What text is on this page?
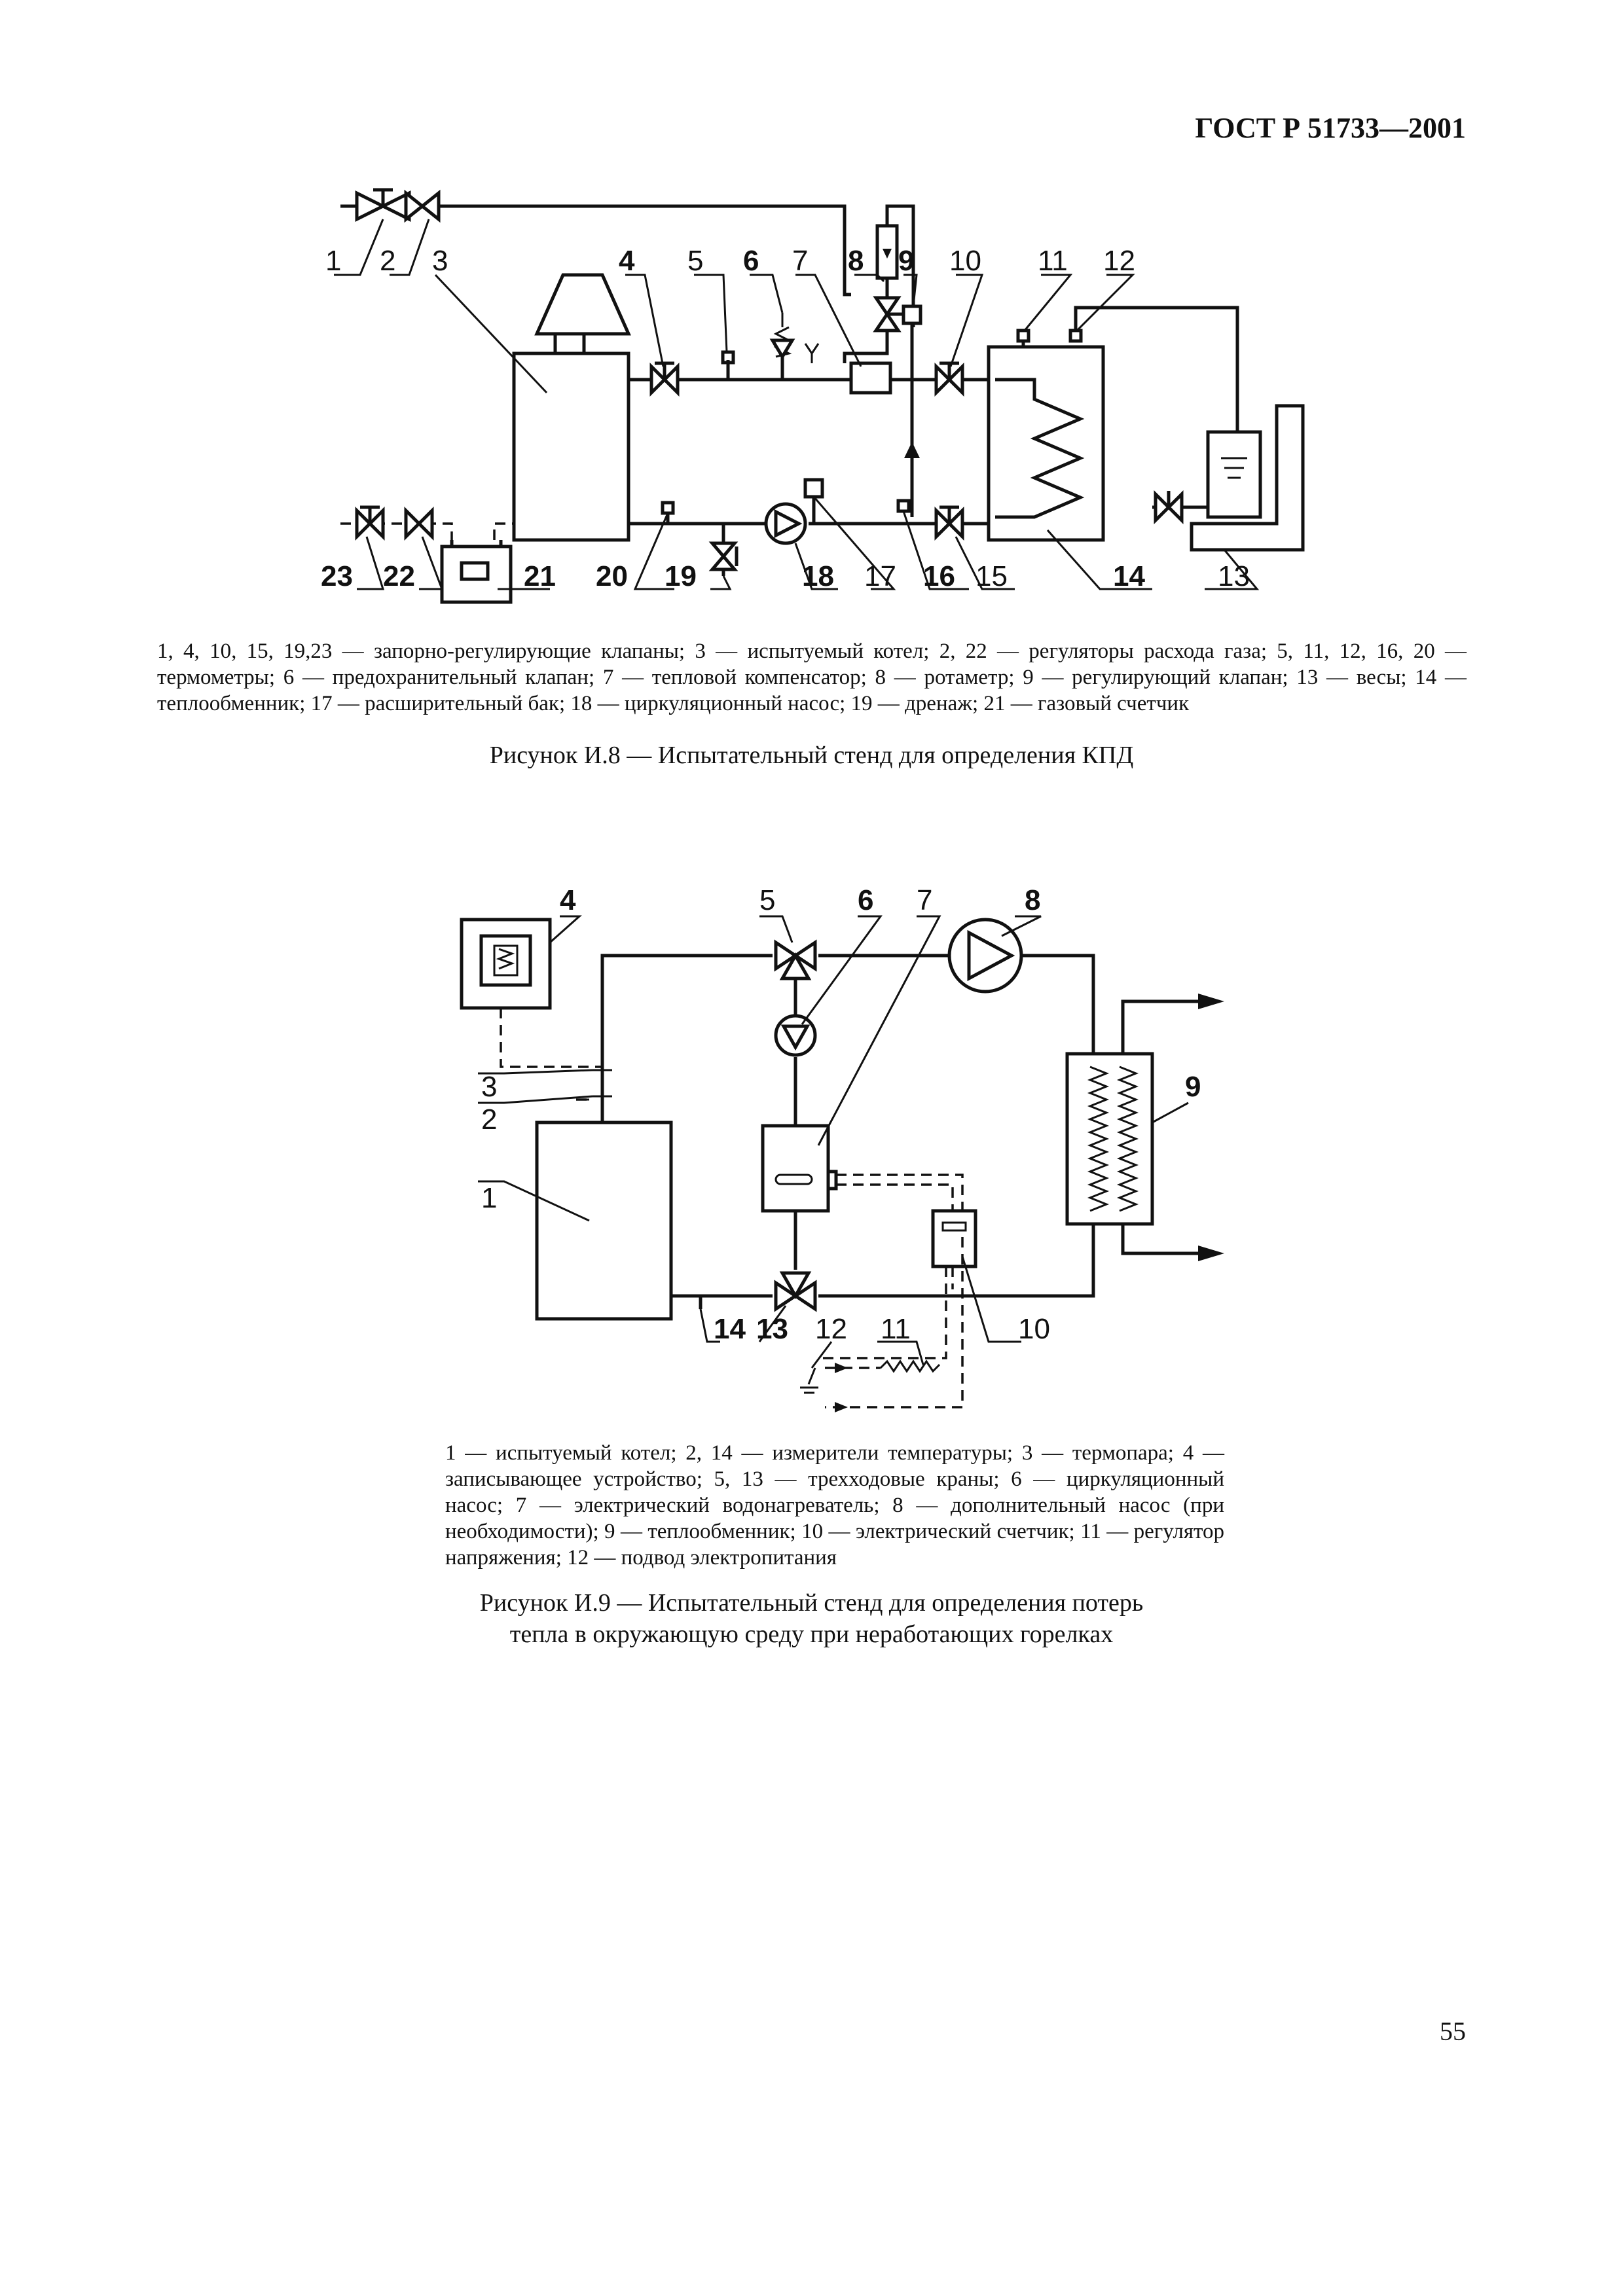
ГОСТ Р 51733—2001
1 2 3	4 5 6 7 8 9 10 11 12
23 22	21 20 19	18 17 16 15	14	13
1, 4, 10, 15, 19,23 — запорно-регулирующие клапаны; 3 — испытуемый котел; 2, 22 — регуляторы расхода газа; 5, 11, 12, 16, 20 — термометры; 6 — предохранительный клапан; 7 — тепловой компенсатор; 8 — ротаметр; 9 — регулирующий клапан; 13 — весы; 14 — теплообменник; 17 — расширительный бак; 18 — циркуляционный насос; 19 — дренаж; 21 — газовый счетчик
Рисунок И.8 — Испытательный стенд для определения КПД
4	5	6 7	8
9
3
2
1
14 13 12 11	10
1 — испытуемый котел; 2, 14 — измерители температуры; 3 — термопара; 4 — записывающее устройство; 5, 13 — трехходовые краны; 6 — циркуляционный насос; 7 — электрический водонагреватель; 8 — дополнительный насос (при необходимости); 9 — теплообменник; 10 — электрический счетчик; 11 — регулятор напряжения; 12 — подвод электропитания
Рисунок И.9 — Испытательный стенд для определения потерь
тепла в окружающую среду при неработающих горелках
55
